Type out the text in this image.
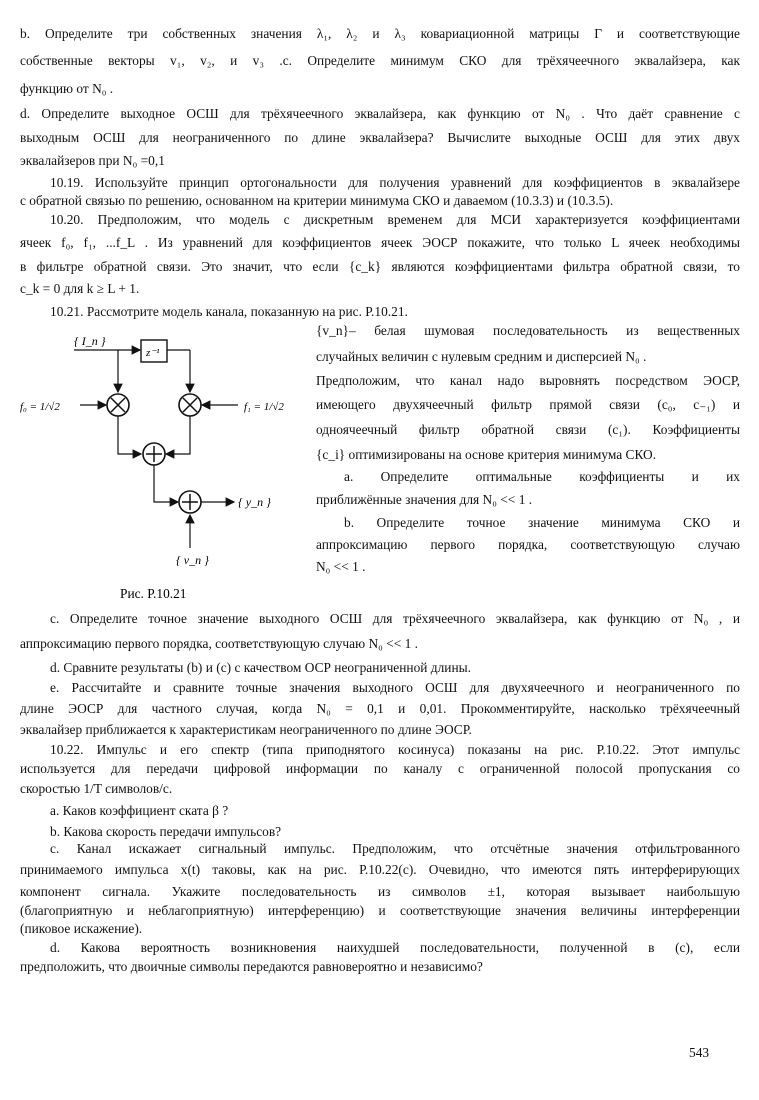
b. Определите три собственных значения λ₁, λ₂ и λ₃ ковариационной матрицы Γ и соответствующие
собственные векторы v₁, v₂, и v₃ .с. Определите минимум СКО для трёхячеечного эквалайзера, как
функцию от N₀ .
d. Определите выходное ОСШ для трёхячеечного эквалайзера, как функцию от N₀ . Что даёт сравнение с
выходным ОСШ для неограниченного по длине эквалайзера? Вычислите выходные ОСШ для этих двух
эквалайзеров при N₀ =0,1
10.19. Используйте принцип ортогональности для получения уравнений для коэффициентов в эквалайзере
с обратной связью по решению, основанном на критерии минимума СКО и даваемом (10.3.3) и (10.3.5).
10.20. Предположим, что модель с дискретным временем для МСИ характеризуется коэффициентами
ячеек f₀, f₁, ...f_L . Из уравнений для коэффициентов ячеек ЭОСР покажите, что только L ячеек необходимы
в фильтре обратной связи. Это значит, что если {c_k} являются коэффициентами фильтра обратной связи, то
c_k = 0 для k ≥ L + 1.
10.21. Рассмотрите модель канала, показанную на рис. Р.10.21.
{ I_n }
z⁻¹
f₀ = 1/√2	f₁ = 1/√2
{ y_n }
{ v_n }
Рис. Р.10.21
{v_n}– белая шумовая последовательность из вещественных
случайных величин с нулевым средним и дисперсией N₀ .
Предположим, что канал надо выровнять посредством ЭОСР,
имеющего двухячеечный фильтр прямой связи (c₀, c₋₁) и
одноячеечный фильтр обратной связи (c₁). Коэффициенты
{c_i} оптимизированы на основе критерия минимума СКО.
a. Определите оптимальные коэффициенты и их
приближённые значения для N₀ << 1 .
b. Определите точное значение минимума СКО и
аппроксимацию первого порядка, соответствующую случаю
N₀ << 1 .
c. Определите точное значение выходного ОСШ для трёхячеечного эквалайзера, как функцию от N₀ , и
аппроксимацию первого порядка, соответствующую случаю N₀ << 1 .
d. Сравните результаты (b) и (c) с качеством ОСР неограниченной длины.
e. Рассчитайте и сравните точные значения выходного ОСШ для двухячеечного и неограниченного по
длине ЭОСР для частного случая, когда N₀ = 0,1 и 0,01. Прокомментируйте, насколько трёхячеечный
эквалайзер приближается к характеристикам неограниченного по длине ЭОСР.
10.22. Импульс и его спектр (типа приподнятого косинуса) показаны на рис. Р.10.22. Этот импульс
используется для передачи цифровой информации по каналу с ограниченной полосой пропускания со
скоростью 1/T символов/с.
a. Каков коэффициент ската β ?
b. Какова скорость передачи импульсов?
c. Канал искажает сигнальный импульс. Предположим, что отсчётные значения отфильтрованного
принимаемого импульса x(t) таковы, как на рис. Р.10.22(c). Очевидно, что имеются пять интерферирующих
компонент сигнала. Укажите последовательность из символов ±1, которая вызывает наибольшую
(благоприятную и неблагоприятную) интерференцию) и соответствующие значения величины интерференции
(пиковое искажение).
d. Какова вероятность возникновения наихудшей последовательности, полученной в (c), если
предположить, что двоичные символы передаются равновероятно и независимо?
543
